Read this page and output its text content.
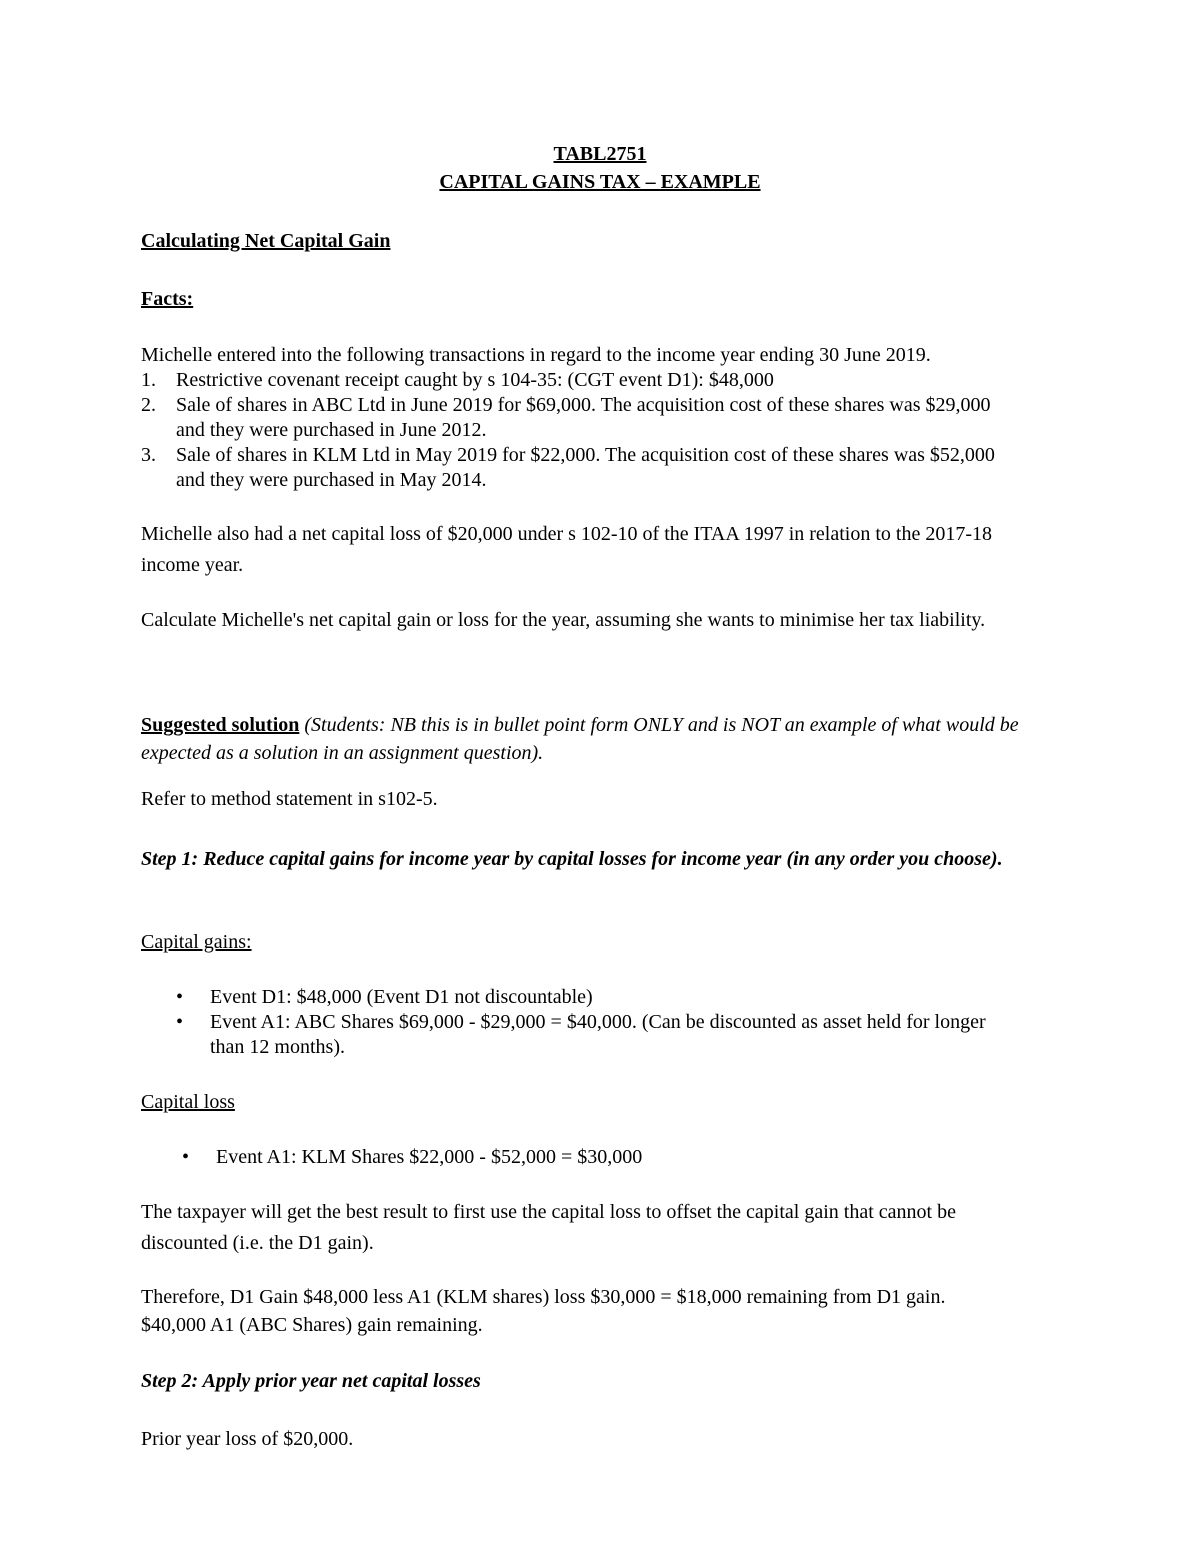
TABL2751

CAPITAL GAINS TAX – EXAMPLE

Calculating Net Capital Gain

Facts:

Michelle entered into the following transactions in regard to the income year ending 30 June 2019.

1. Restrictive covenant receipt caught by s 104-35: (CGT event D1): $48,000
2. Sale of shares in ABC Ltd in June 2019 for $69,000. The acquisition cost of these shares was $29,000 and they were purchased in June 2012.
3. Sale of shares in KLM Ltd in May 2019 for $22,000. The acquisition cost of these shares was $52,000 and they were purchased in May 2014.

Michelle also had a net capital loss of $20,000 under s 102-10 of the ITAA 1997 in relation to the 2017-18 income year.

Calculate Michelle's net capital gain or loss for the year, assuming she wants to minimise her tax liability.

Suggested solution (Students: NB this is in bullet point form ONLY and is NOT an example of what would be expected as a solution in an assignment question).

Refer to method statement in s102-5.

Step 1: Reduce capital gains for income year by capital losses for income year (in any order you choose).

Capital gains:

• Event D1: $48,000 (Event D1 not discountable)
• Event A1: ABC Shares $69,000 - $29,000 = $40,000. (Can be discounted as asset held for longer than 12 months).

Capital loss

• Event A1: KLM Shares $22,000 - $52,000 = $30,000

The taxpayer will get the best result to first use the capital loss to offset the capital gain that cannot be discounted (i.e. the D1 gain).

Therefore, D1 Gain $48,000 less A1 (KLM shares) loss $30,000 = $18,000 remaining from D1 gain.
$40,000 A1 (ABC Shares) gain remaining.

Step 2: Apply prior year net capital losses

Prior year loss of $20,000.
